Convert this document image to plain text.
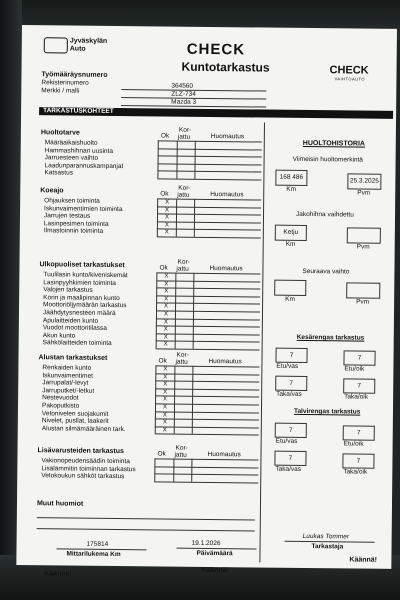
Jyväskylän
Auto	CHECK
Kuntotarkastus	CHECK
VAIHTOAUTO
Työmääräysnumero
Rekisterinumero
Merkki / malli
364560
ZLZ-734
Mazda 3
TARKASTUSKOHTEET
Huoltotarve	Ok
Kor-
jattu	Huomautus
Määräaikaishuolto
Hammashihnan uusinta
Jarruesteen vaihto
Laadunparannuskampanjat
Katsastus
Koeajo	Ok
Kor-
jattu	Huomautus
Ohjauksen toiminta	X
Iskunvaimentimien toiminta	X
Jarrujen testaus	X
Lasinpesimen toiminta	X
Ilmastoinnin toiminta	X
Ulkopuoliset tarkastukset	Ok
Kor-
jattu	Huomautus
Tuulilasin kunto/kiveniskemät	X
Lasinpyyhkimien toiminta	X
Valojen tarkastus	X
Korin ja maalipinnan kunto	X
Moottoriöljymäärän tarkastus	X
Jäähdytysnesteen määrä	X
Apulaitteiden kunto	X
Vuodot moottoritilassa	X
Akun kunto	X
Sähkölaitteiden toiminta	X
Alustan tarkastukset	Ok
Kor-
jattu	Huomautus
Renkaiden kunto	X
Iskunvaimentimet	X
Jarrupalat/-levyt	X
Jarruputket/-letkut	X
Nestevuodot	X
Pakoputkisto	X
Vetonivelen suojakumit	X
Nivelet, pusllat, laakerit	X
Alustan silmämääräinen tark.	X
Lisävarusteiden tarkastus	Ok
Kor-
jattu	Huomautus
Vakionopeudensäädin toiminta
Lisälämmitin toiminnan tarkastus
Vetokoukun sähköt tarkastus
Muut huomiot
175814
Mittarilukema Km
19.1.2026
Päivämäärä
Luukas Tommer
Tarkastaja
Käännä!	Käännä!
Käännä!
HUOLTOHISTORIA
Viimeisin huoltomerkintä
168 486
Km
25.3.2025
Pvm
Jakohihna vaihdettu
Ketju
Km	Pvm
Seuraava vaihto
Km	Pvm
Kesärengas tarkastus
7
Etu/vas
7
Etu/oik
7
Taka/vas
7
Taka/oik
Talvirengas tarkastus
7
Etu/vas
7
Etu/oik
7
Taka/vas
7
Taka/oik
